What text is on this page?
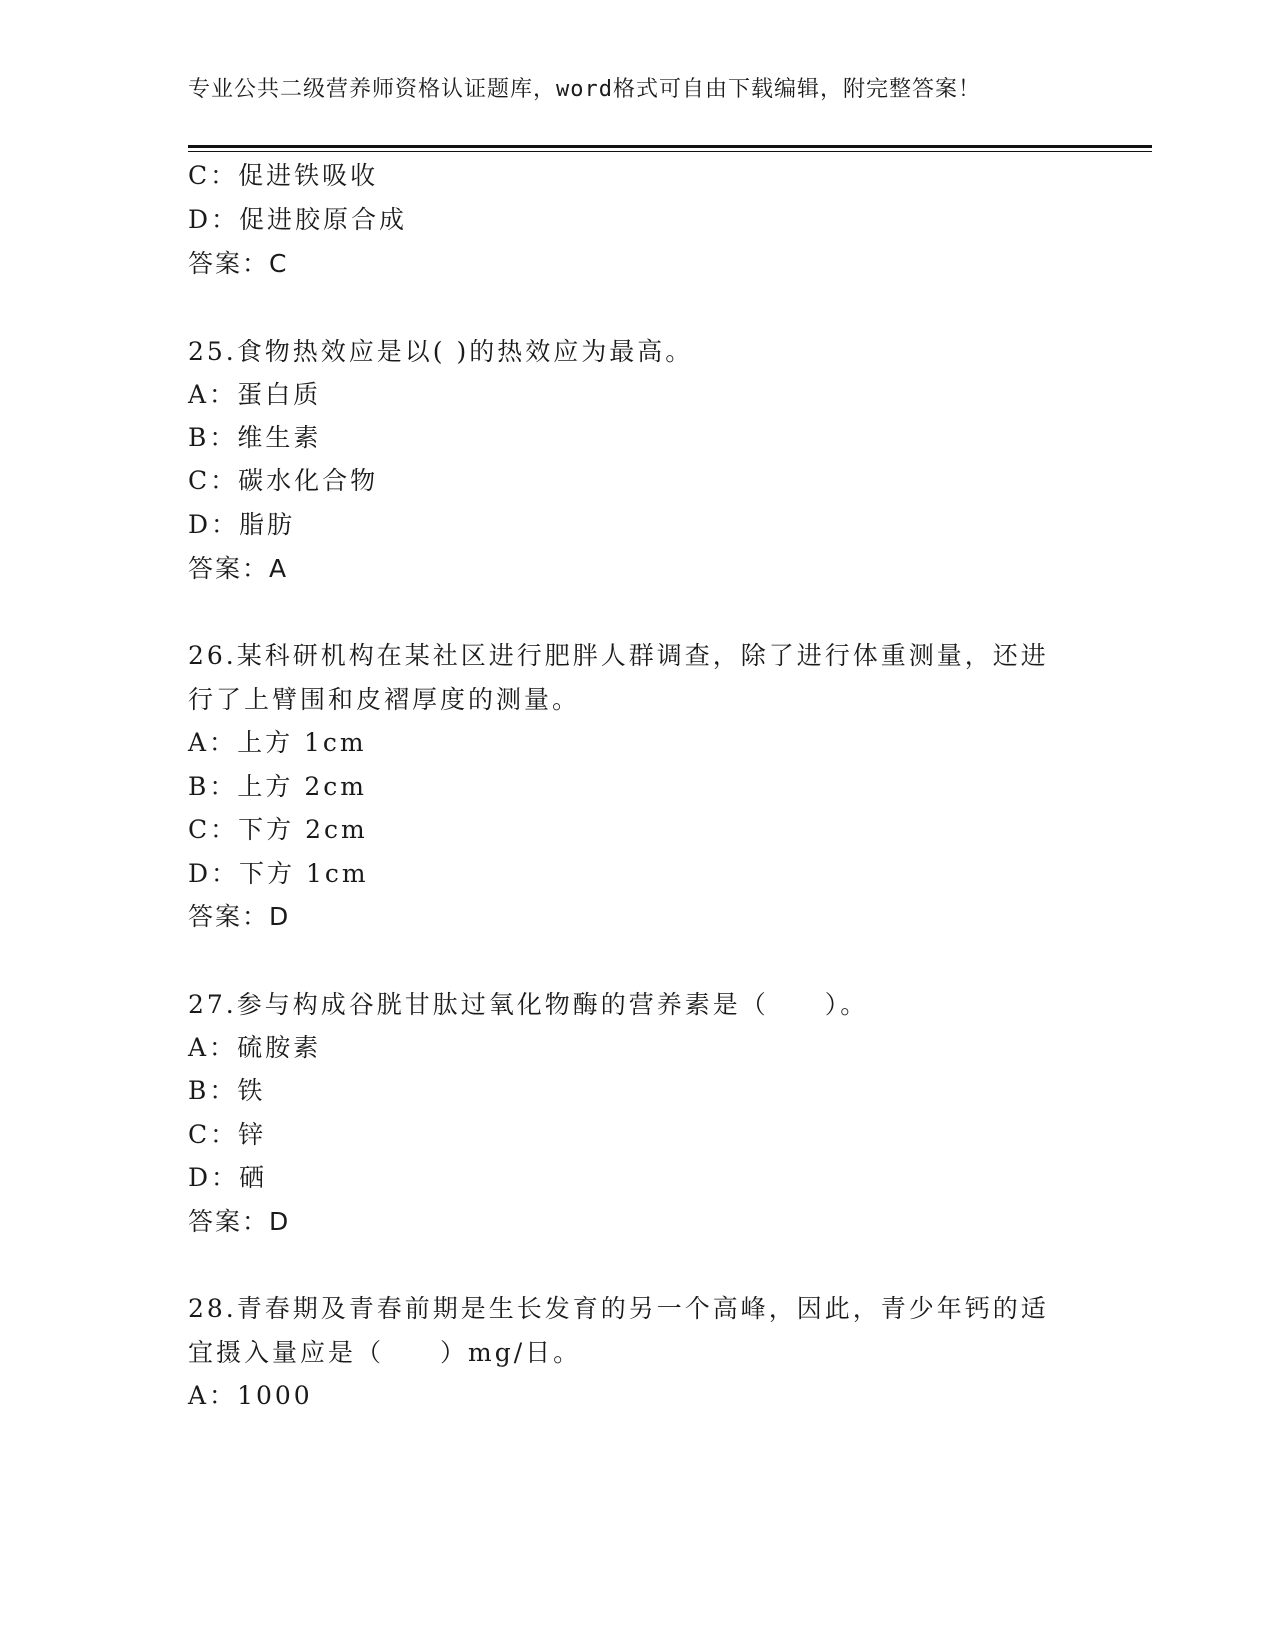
专业公共二级营养师资格认证题库，word格式可自由下载编辑，附完整答案！
C：促进铁吸收
D：促进胶原合成
答案：C
25.食物热效应是以( )的热效应为最高。
A：蛋白质
B：维生素
C：碳水化合物
D：脂肪
答案：A
26.某科研机构在某社区进行肥胖人群调查，除了进行体重测量，还进
行了上臂围和皮褶厚度的测量。
A：上方 1cm
B：上方 2cm
C：下方 2cm
D：下方 1cm
答案：D
27.参与构成谷胱甘肽过氧化物酶的营养素是（　　）。
A：硫胺素
B：铁
C：锌
D：硒
答案：D
28.青春期及青春前期是生长发育的另一个高峰，因此，青少年钙的适
宜摄入量应是（　　）mg/日。
A：1000
